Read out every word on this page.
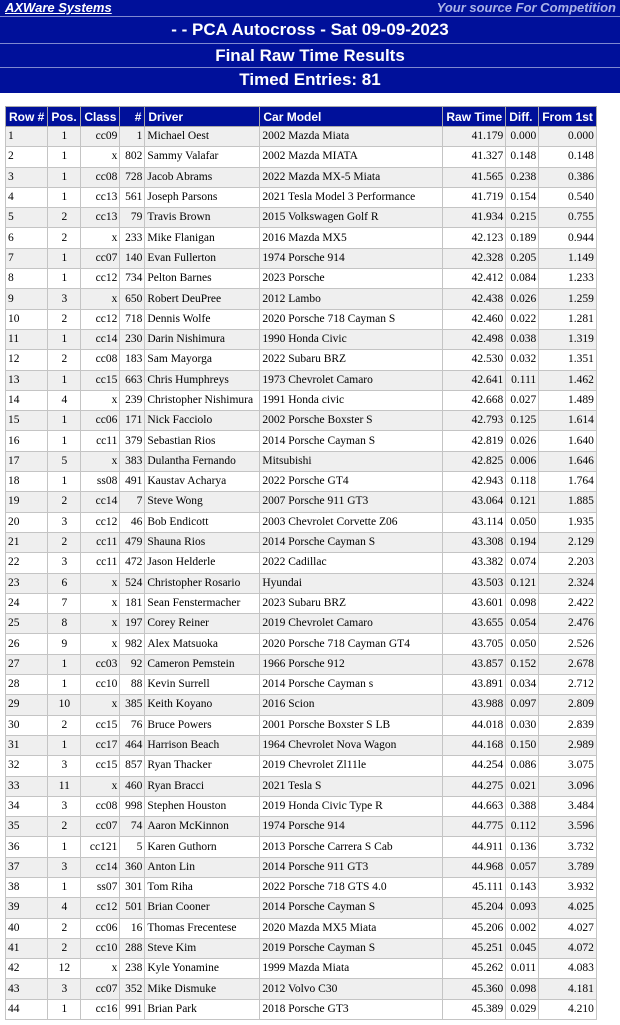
AXWare Systems	Your source For Competition
- - PCA Autocross - Sat 09-09-2023
Final Raw Time Results
Timed Entries: 81
Row #	Pos.	Class	#	Driver	Car Model	Raw Time	Diff.	From 1st
1	1	cc09	1	Michael Oest	2002 Mazda Miata	41.179	0.000	0.000
2	1	x	802	Sammy Valafar	2002 Mazda MIATA	41.327	0.148	0.148
3	1	cc08	728	Jacob Abrams	2022 Mazda MX-5 Miata	41.565	0.238	0.386
4	1	cc13	561	Joseph Parsons	2021 Tesla Model 3 Performance	41.719	0.154	0.540
5	2	cc13	79	Travis Brown	2015 Volkswagen Golf R	41.934	0.215	0.755
6	2	x	233	Mike Flanigan	2016 Mazda MX5	42.123	0.189	0.944
7	1	cc07	140	Evan Fullerton	1974 Porsche 914	42.328	0.205	1.149
8	1	cc12	734	Pelton Barnes	2023 Porsche	42.412	0.084	1.233
9	3	x	650	Robert DeuPree	2012 Lambo	42.438	0.026	1.259
10	2	cc12	718	Dennis Wolfe	2020 Porsche 718 Cayman S	42.460	0.022	1.281
11	1	cc14	230	Darin Nishimura	1990 Honda Civic	42.498	0.038	1.319
12	2	cc08	183	Sam Mayorga	2022 Subaru BRZ	42.530	0.032	1.351
13	1	cc15	663	Chris Humphreys	1973 Chevrolet Camaro	42.641	0.111	1.462
14	4	x	239	Christopher Nishimura	1991 Honda civic	42.668	0.027	1.489
15	1	cc06	171	Nick Facciolo	2002 Porsche Boxster S	42.793	0.125	1.614
16	1	cc11	379	Sebastian Rios	2014 Porsche Cayman S	42.819	0.026	1.640
17	5	x	383	Dulantha Fernando	Mitsubishi	42.825	0.006	1.646
18	1	ss08	491	Kaustav Acharya	2022 Porsche GT4	42.943	0.118	1.764
19	2	cc14	7	Steve Wong	2007 Porsche 911 GT3	43.064	0.121	1.885
20	3	cc12	46	Bob Endicott	2003 Chevrolet Corvette Z06	43.114	0.050	1.935
21	2	cc11	479	Shauna Rios	2014 Porsche Cayman S	43.308	0.194	2.129
22	3	cc11	472	Jason Helderle	2022 Cadillac	43.382	0.074	2.203
23	6	x	524	Christopher Rosario	Hyundai	43.503	0.121	2.324
24	7	x	181	Sean Fenstermacher	2023 Subaru BRZ	43.601	0.098	2.422
25	8	x	197	Corey Reiner	2019 Chevrolet Camaro	43.655	0.054	2.476
26	9	x	982	Alex Matsuoka	2020 Porsche 718 Cayman GT4	43.705	0.050	2.526
27	1	cc03	92	Cameron Pemstein	1966 Porsche 912	43.857	0.152	2.678
28	1	cc10	88	Kevin Surrell	2014 Porsche Cayman s	43.891	0.034	2.712
29	10	x	385	Keith Koyano	2016 Scion	43.988	0.097	2.809
30	2	cc15	76	Bruce Powers	2001 Porsche Boxster S LB	44.018	0.030	2.839
31	1	cc17	464	Harrison Beach	1964 Chevrolet Nova Wagon	44.168	0.150	2.989
32	3	cc15	857	Ryan Thacker	2019 Chevrolet Zl11le	44.254	0.086	3.075
33	11	x	460	Ryan Bracci	2021 Tesla S	44.275	0.021	3.096
34	3	cc08	998	Stephen Houston	2019 Honda Civic Type R	44.663	0.388	3.484
35	2	cc07	74	Aaron McKinnon	1974 Porsche 914	44.775	0.112	3.596
36	1	cc121	5	Karen Guthorn	2013 Porsche Carrera S Cab	44.911	0.136	3.732
37	3	cc14	360	Anton Lin	2014 Porsche 911 GT3	44.968	0.057	3.789
38	1	ss07	301	Tom Riha	2022 Porsche 718 GTS 4.0	45.111	0.143	3.932
39	4	cc12	501	Brian Cooner	2014 Porsche Cayman S	45.204	0.093	4.025
40	2	cc06	16	Thomas Frecentese	2020 Mazda MX5 Miata	45.206	0.002	4.027
41	2	cc10	288	Steve Kim	2019 Porsche Cayman S	45.251	0.045	4.072
42	12	x	238	Kyle Yonamine	1999 Mazda Miata	45.262	0.011	4.083
43	3	cc07	352	Mike Dismuke	2012 Volvo C30	45.360	0.098	4.181
44	1	cc16	991	Brian Park	2018 Porsche GT3	45.389	0.029	4.210
